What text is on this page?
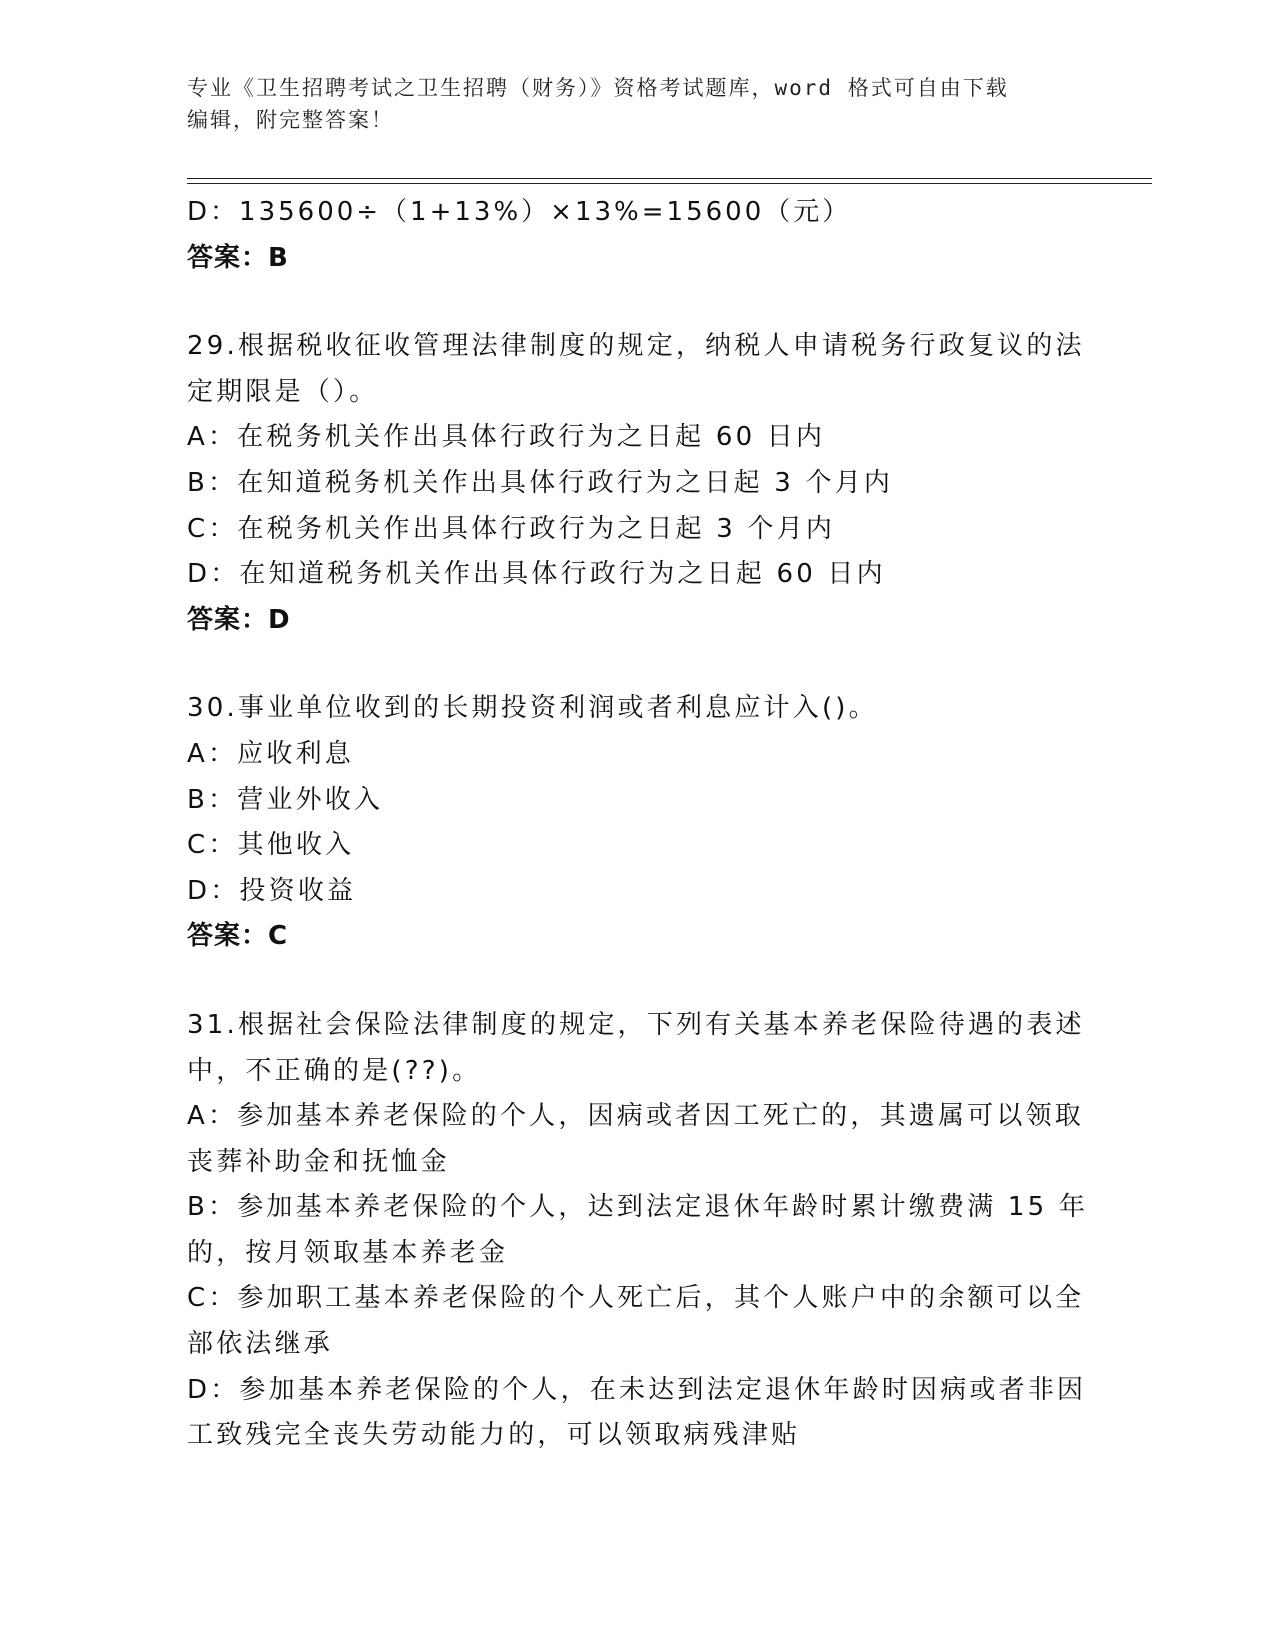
专业《卫生招聘考试之卫生招聘（财务）》资格考试题库，word 格式可自由下载
编辑，附完整答案！
D：135600÷（1+13%）×13%=15600（元）
答案：B
29.根据税收征收管理法律制度的规定，纳税人申请税务行政复议的法
定期限是（）。
A：在税务机关作出具体行政行为之日起 60 日内
B：在知道税务机关作出具体行政行为之日起 3 个月内
C：在税务机关作出具体行政行为之日起 3 个月内
D：在知道税务机关作出具体行政行为之日起 60 日内
答案：D
30.事业单位收到的长期投资利润或者利息应计入()。
A：应收利息
B：营业外收入
C：其他收入
D：投资收益
答案：C
31.根据社会保险法律制度的规定，下列有关基本养老保险待遇的表述
中，不正确的是(??)。
A：参加基本养老保险的个人，因病或者因工死亡的，其遗属可以领取
丧葬补助金和抚恤金
B：参加基本养老保险的个人，达到法定退休年龄时累计缴费满 15 年
的，按月领取基本养老金
C：参加职工基本养老保险的个人死亡后，其个人账户中的余额可以全
部依法继承
D：参加基本养老保险的个人，在未达到法定退休年龄时因病或者非因
工致残完全丧失劳动能力的，可以领取病残津贴
